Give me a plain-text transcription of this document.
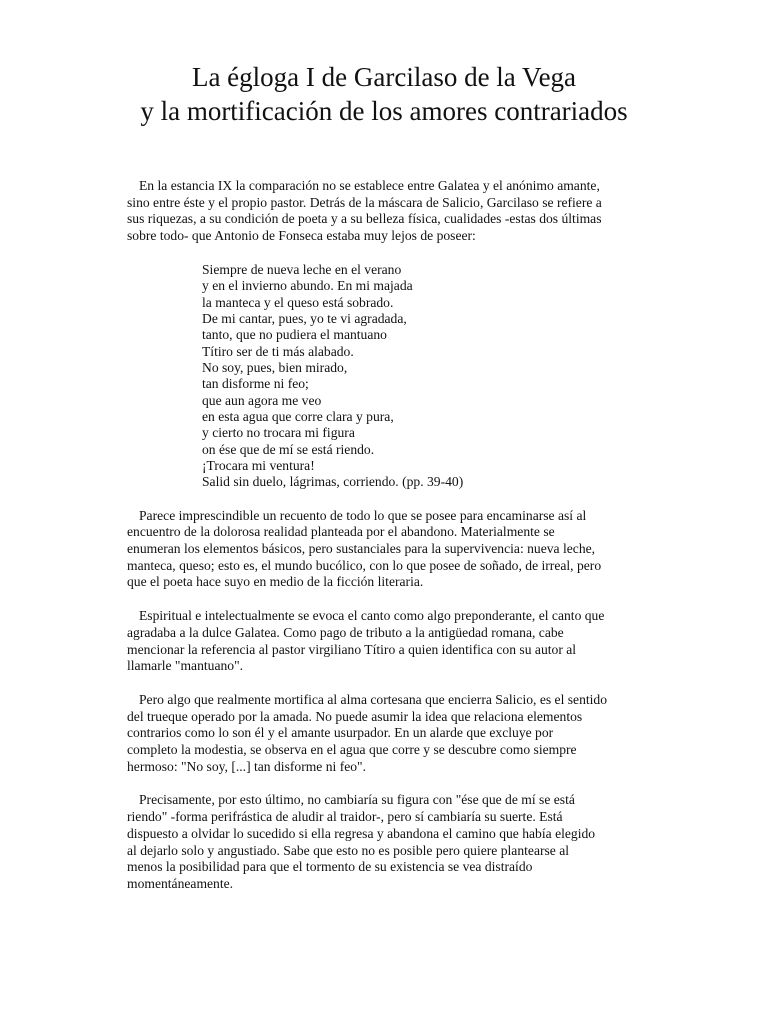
La égloga I de Garcilaso de la Vega
y la mortificación de los amores contrariados

En la estancia IX la comparación no se establece entre Galatea y el anónimo amante,
sino entre éste y el propio pastor. Detrás de la máscara de Salicio, Garcilaso se refiere a
sus riquezas, a su condición de poeta y a su belleza física, cualidades -estas dos últimas
sobre todo- que Antonio de Fonseca estaba muy lejos de poseer:

Siempre de nueva leche en el verano
y en el invierno abundo. En mi majada
la manteca y el queso está sobrado.
De mi cantar, pues, yo te vi agradada,
tanto, que no pudiera el mantuano
Títiro ser de ti más alabado.
No soy, pues, bien mirado,
tan disforme ni feo;
que aun agora me veo
en esta agua que corre clara y pura,
y cierto no trocara mi figura
on ése que de mí se está riendo.
¡Trocara mi ventura!
Salid sin duelo, lágrimas, corriendo. (pp. 39-40)

Parece imprescindible un recuento de todo lo que se posee para encaminarse así al
encuentro de la dolorosa realidad planteada por el abandono. Materialmente se
enumeran los elementos básicos, pero sustanciales para la supervivencia: nueva leche,
manteca, queso; esto es, el mundo bucólico, con lo que posee de soñado, de irreal, pero
que el poeta hace suyo en medio de la ficción literaria.

Espiritual e intelectualmente se evoca el canto como algo preponderante, el canto que
agradaba a la dulce Galatea. Como pago de tributo a la antigüedad romana, cabe
mencionar la referencia al pastor virgiliano Títiro a quien identifica con su autor al
llamarle "mantuano".

Pero algo que realmente mortifica al alma cortesana que encierra Salicio, es el sentido
del trueque operado por la amada. No puede asumir la idea que relaciona elementos
contrarios como lo son él y el amante usurpador. En un alarde que excluye por
completo la modestia, se observa en el agua que corre y se descubre como siempre
hermoso: "No soy, [...] tan disforme ni feo".

Precisamente, por esto último, no cambiaría su figura con "ése que de mí se está
riendo" -forma perifrástica de aludir al traidor-, pero sí cambiaría su suerte. Está
dispuesto a olvidar lo sucedido si ella regresa y abandona el camino que había elegido
al dejarlo solo y angustiado. Sabe que esto no es posible pero quiere plantearse al
menos la posibilidad para que el tormento de su existencia se vea distraído
momentáneamente.
